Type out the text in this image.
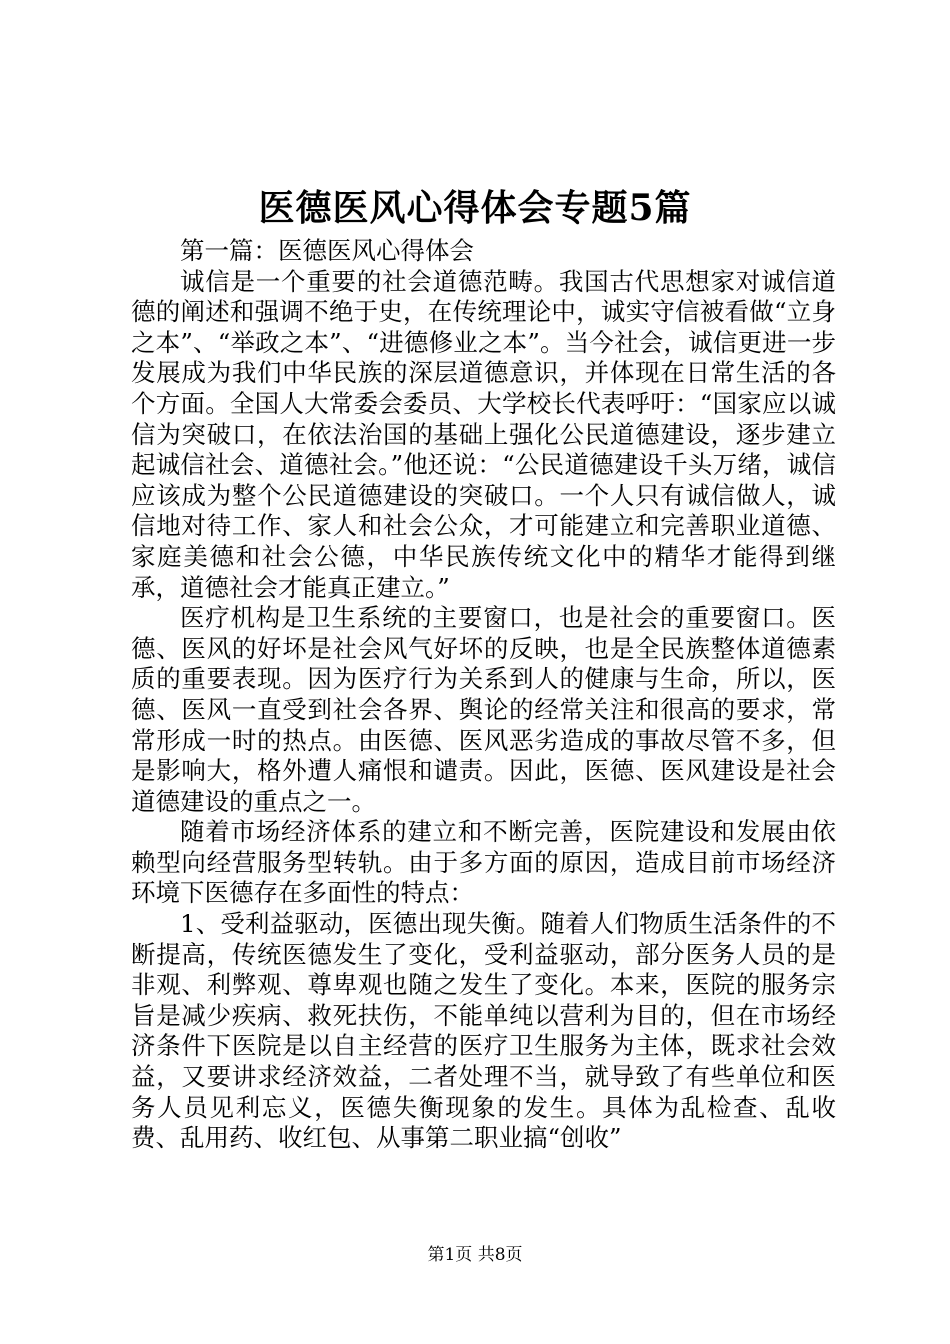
医德医风心得体会专题5篇

第一篇：医德医风心得体会

诚信是一个重要的社会道德范畴。我国古代思想家对诚信道德的阐述和强调不绝于史，在传统理论中，诚实守信被看做“立身之本”、“举政之本”、“进德修业之本”。当今社会，诚信更进一步发展成为我们中华民族的深层道德意识，并体现在日常生活的各个方面。全国人大常委会委员、大学校长代表呼吁：“国家应以诚信为突破口，在依法治国的基础上强化公民道德建设，逐步建立起诚信社会、道德社会。”他还说：“公民道德建设千头万绪，诚信应该成为整个公民道德建设的突破口。一个人只有诚信做人，诚信地对待工作、家人和社会公众，才可能建立和完善职业道德、家庭美德和社会公德，中华民族传统文化中的精华才能得到继承，道德社会才能真正建立。”

医疗机构是卫生系统的主要窗口，也是社会的重要窗口。医德、医风的好坏是社会风气好坏的反映，也是全民族整体道德素质的重要表现。因为医疗行为关系到人的健康与生命，所以，医德、医风一直受到社会各界、舆论的经常关注和很高的要求，常常形成一时的热点。由医德、医风恶劣造成的事故尽管不多，但是影响大，格外遭人痛恨和谴责。因此，医德、医风建设是社会道德建设的重点之一。

随着市场经济体系的建立和不断完善，医院建设和发展由依赖型向经营服务型转轨。由于多方面的原因，造成目前市场经济环境下医德存在多面性的特点：

1、受利益驱动，医德出现失衡。随着人们物质生活条件的不断提高，传统医德发生了变化，受利益驱动，部分医务人员的是非观、利弊观、尊卑观也随之发生了变化。本来，医院的服务宗旨是减少疾病、救死扶伤，不能单纯以营利为目的，但在市场经济条件下医院是以自主经营的医疗卫生服务为主体，既求社会效益，又要讲求经济效益，二者处理不当，就导致了有些单位和医务人员见利忘义，医德失衡现象的发生。具体为乱检查、乱收费、乱用药、收红包、从事第二职业搞“创收”

第1页 共8页
